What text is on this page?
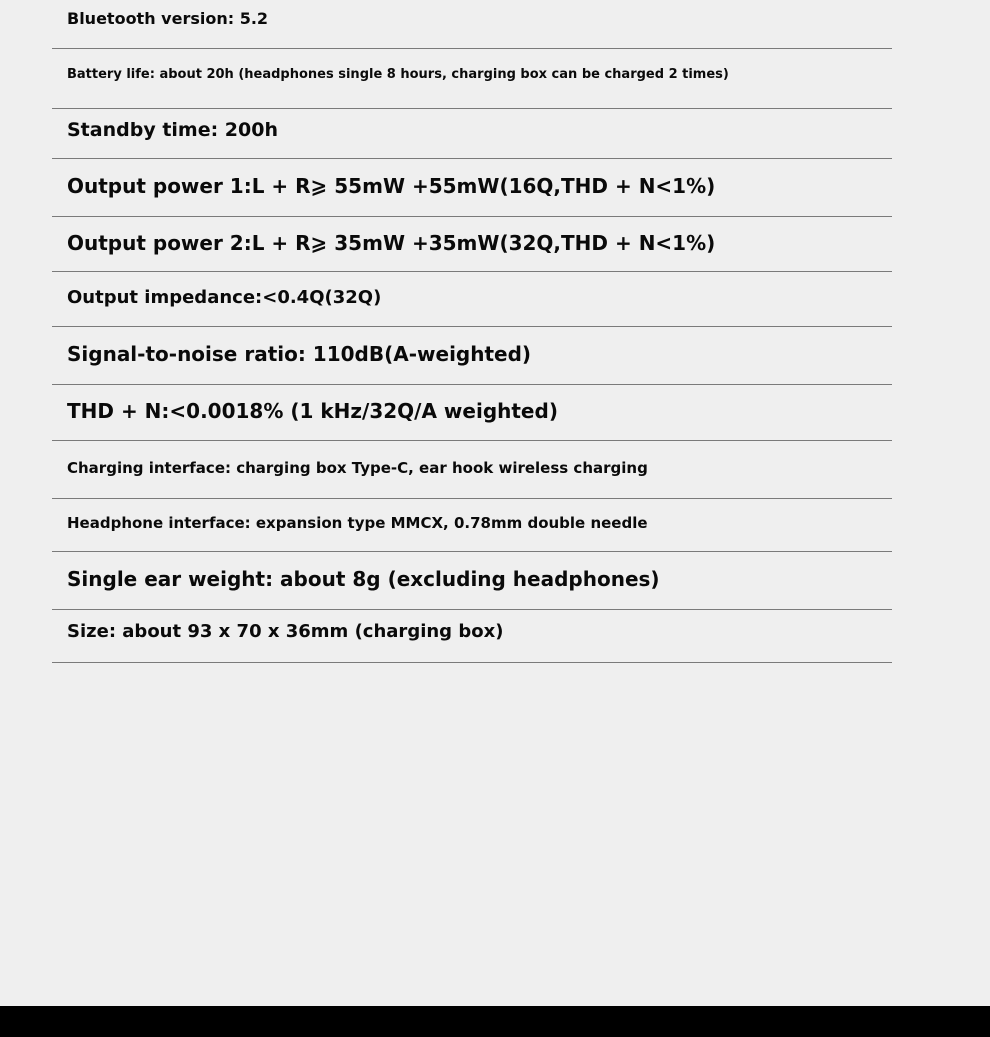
Bluetooth version: 5.2
Battery life: about 20h (headphones single 8 hours, charging box can be charged 2 times)
Standby time: 200h
Output power 1:L + R⩾ 55mW +55mW(16Q,THD + N<1%)
Output power 2:L + R⩾ 35mW +35mW(32Q,THD + N<1%)
Output impedance:<0.4Q(32Q)
Signal-to-noise ratio: 110dB(A-weighted)
THD + N:<0.0018% (1 kHz/32Q/A weighted)
Charging interface: charging box Type-C, ear hook wireless charging
Headphone interface: expansion type MMCX, 0.78mm double needle
Single ear weight: about 8g (excluding headphones)
Size: about 93 x 70 x 36mm (charging box)
